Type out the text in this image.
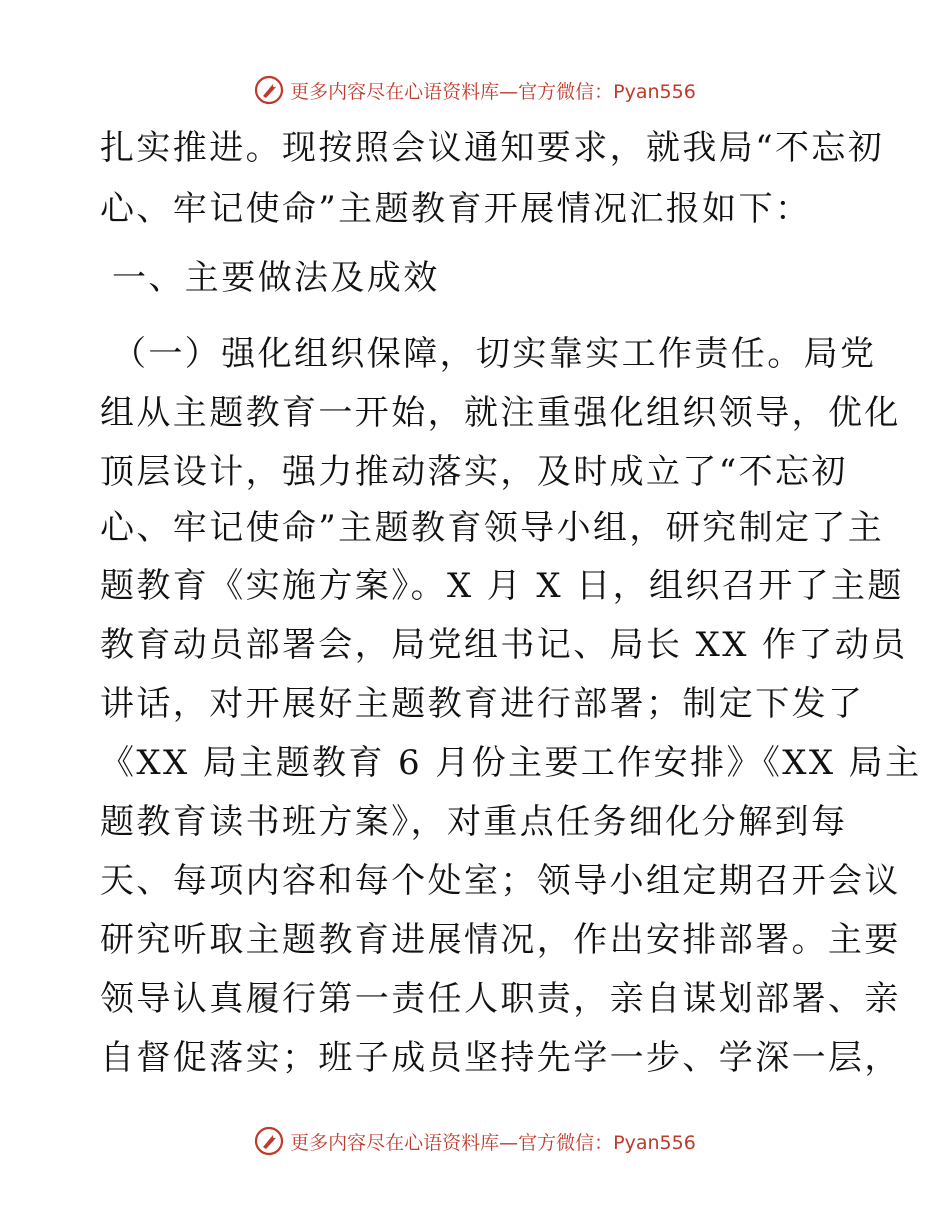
更多内容尽在心语资料库—官方微信：Pyan556
扎实推进。现按照会议通知要求，就我局“不忘初
心、牢记使命”主题教育开展情况汇报如下：
一、主要做法及成效
（一）强化组织保障，切实靠实工作责任。局党
组从主题教育一开始，就注重强化组织领导，优化
顶层设计，强力推动落实，及时成立了“不忘初
心、牢记使命”主题教育领导小组，研究制定了主
题教育《实施方案》。X 月 X 日，组织召开了主题
教育动员部署会，局党组书记、局长 XX 作了动员
讲话，对开展好主题教育进行部署；制定下发了
《XX 局主题教育 6 月份主要工作安排》《XX 局主
题教育读书班方案》，对重点任务细化分解到每
天、每项内容和每个处室；领导小组定期召开会议
研究听取主题教育进展情况，作出安排部署。主要
领导认真履行第一责任人职责，亲自谋划部署、亲
自督促落实；班子成员坚持先学一步、学深一层，
更多内容尽在心语资料库—官方微信：Pyan556
